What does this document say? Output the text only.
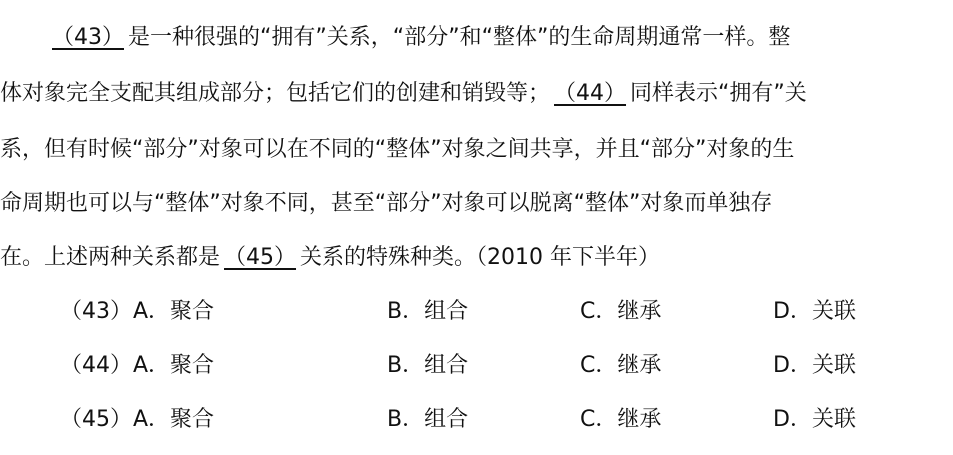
（43） 是一种很强的“拥有”关系，“部分”和“整体”的生命周期通常一样。整
体对象完全支配其组成部分；包括它们的创建和销毁等； （44） 同样表示“拥有”关
系，但有时候“部分”对象可以在不同的“整体”对象之间共享，并且“部分”对象的生
命周期也可以与“整体”对象不同，甚至“部分”对象可以脱离“整体”对象而单独存
在。上述两种关系都是 （45） 关系的特殊种类。（2010 年下半年）
（43） A．聚合	B．组合	C．继承	D．关联
（44） A．聚合	B．组合	C．继承	D．关联
（45） A．聚合	B．组合	C．继承	D．关联
